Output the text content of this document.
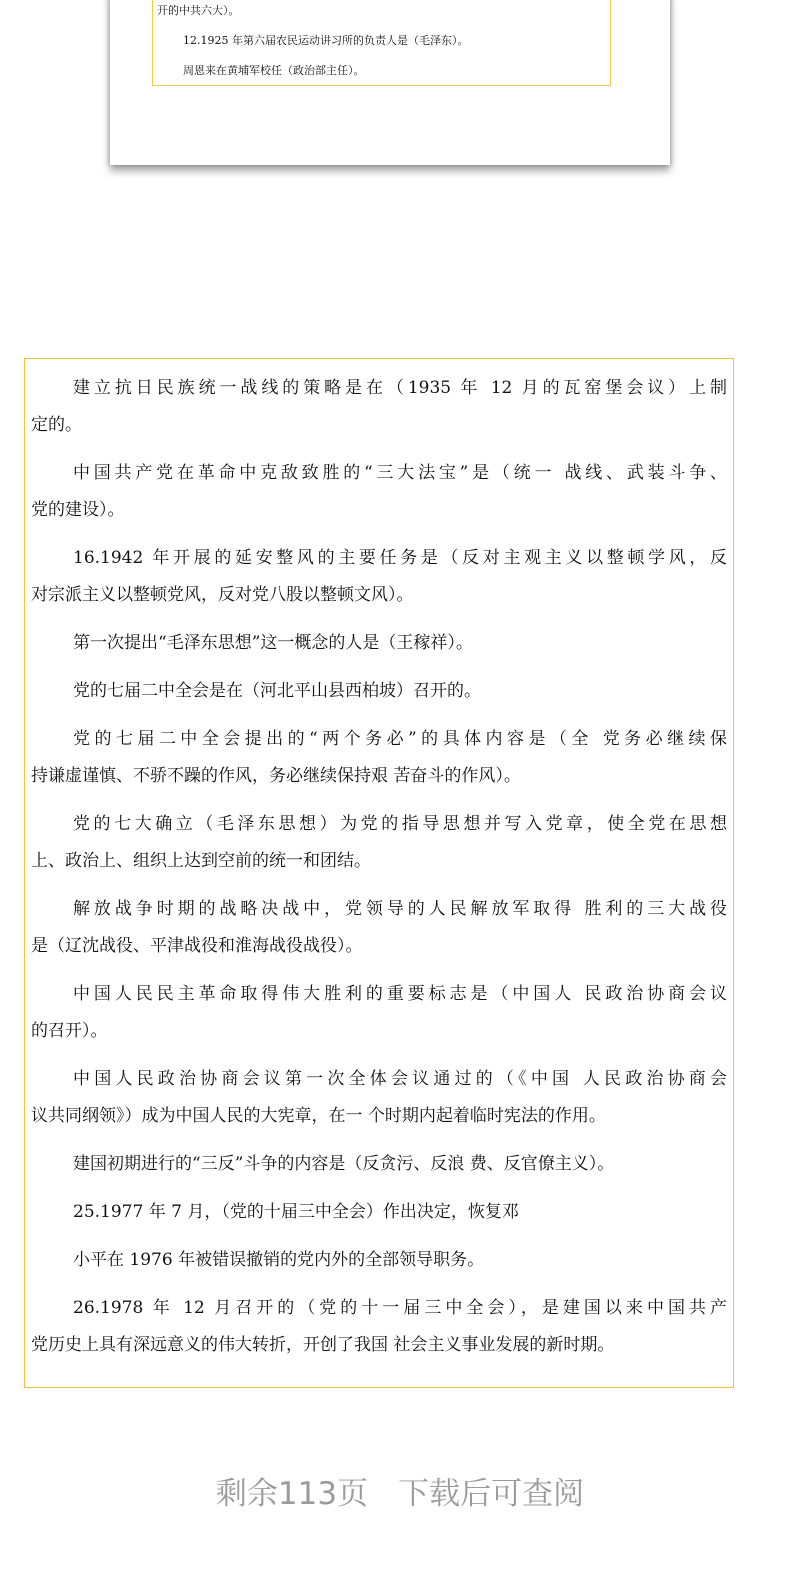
开的中共六大）。
12.1925 年第六届农民运动讲习所的负责人是（毛泽东）。
周恩来在黄埔军校任（政治部主任）。
建立抗日民族统一战线的策略是在（1935 年 12 月的瓦窑堡会议）上制
定的。
中国共产党在革命中克敌致胜的“三大法宝”是（统一 战线、武装斗争、
党的建设）。
16.1942 年开展的延安整风的主要任务是（反对主观主义以整顿学风，反
对宗派主义以整顿党风，反对党八股以整顿文风）。
第一次提出“毛泽东思想”这一概念的人是（王稼祥）。
党的七届二中全会是在（河北平山县西柏坡）召开的。
党的七届二中全会提出的“两个务必”的具体内容是（全 党务必继续保
持谦虚谨慎、不骄不躁的作风，务必继续保持艰 苦奋斗的作风）。
党的七大确立（毛泽东思想）为党的指导思想并写入党章，使全党在思想
上、政治上、组织上达到空前的统一和团结。
解放战争时期的战略决战中，党领导的人民解放军取得 胜利的三大战役
是（辽沈战役、平津战役和淮海战役战役）。
中国人民民主革命取得伟大胜利的重要标志是（中国人 民政治协商会议
的召开）。
中国人民政治协商会议第一次全体会议通过的（《中国 人民政治协商会
议共同纲领》）成为中国人民的大宪章，在一 个时期内起着临时宪法的作用。
建国初期进行的“三反”斗争的内容是（反贪污、反浪 费、反官僚主义）。
25.1977 年 7 月，（党的十届三中全会）作出决定，恢复邓
小平在 1976 年被错误撤销的党内外的全部领导职务。
26.1978 年 12 月召开的（党的十一届三中全会），是建国以来中国共产
党历史上具有深远意义的伟大转折，开创了我国 社会主义事业发展的新时期。
剩余113页 下载后可查阅
